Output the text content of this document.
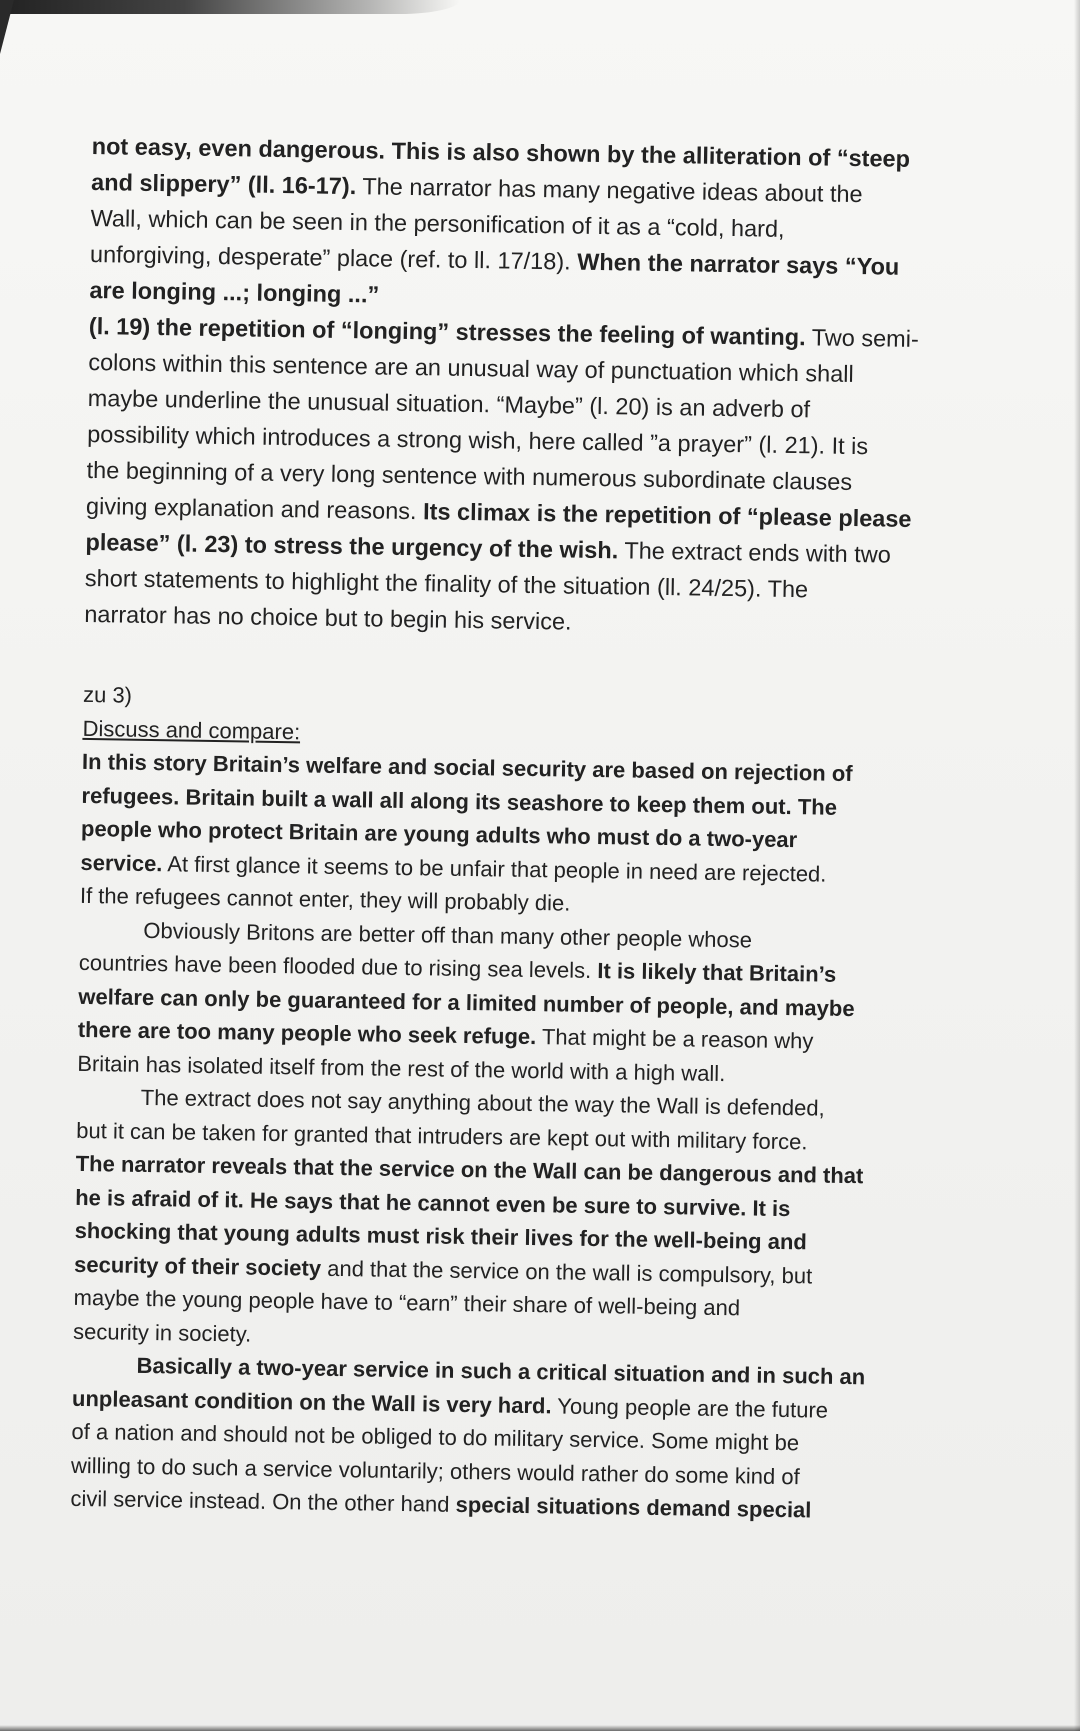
not easy, even dangerous. This is also shown by the alliteration of “steep
and slippery” (ll. 16-17). The narrator has many negative ideas about the
Wall, which can be seen in the personification of it as a “cold, hard,
unforgiving, desperate” place (ref. to ll. 17/18). When the narrator says “You
are longing ...; longing ...”
(l. 19) the repetition of “longing” stresses the feeling of wanting. Two semi-
colons within this sentence are an unusual way of punctuation which shall
maybe underline the unusual situation. “Maybe” (l. 20) is an adverb of
possibility which introduces a strong wish, here called ”a prayer” (l. 21). It is
the beginning of a very long sentence with numerous subordinate clauses
giving explanation and reasons. Its climax is the repetition of “please please
please” (l. 23) to stress the urgency of the wish. The extract ends with two
short statements to highlight the finality of the situation (ll. 24/25). The
narrator has no choice but to begin his service.

zu 3)

Discuss and compare:

In this story Britain’s welfare and social security are based on rejection of
refugees. Britain built a wall all along its seashore to keep them out. The
people who protect Britain are young adults who must do a two-year
service. At first glance it seems to be unfair that people in need are rejected.
If the refugees cannot enter, they will probably die.

Obviously Britons are better off than many other people whose
countries have been flooded due to rising sea levels. It is likely that Britain’s
welfare can only be guaranteed for a limited number of people, and maybe
there are too many people who seek refuge. That might be a reason why
Britain has isolated itself from the rest of the world with a high wall.

The extract does not say anything about the way the Wall is defended,
but it can be taken for granted that intruders are kept out with military force.
The narrator reveals that the service on the Wall can be dangerous and that
he is afraid of it. He says that he cannot even be sure to survive. It is
shocking that young adults must risk their lives for the well-being and
security of their society and that the service on the wall is compulsory, but
maybe the young people have to “earn” their share of well-being and
security in society.

Basically a two-year service in such a critical situation and in such an
unpleasant condition on the Wall is very hard. Young people are the future
of a nation and should not be obliged to do military service. Some might be
willing to do such a service voluntarily; others would rather do some kind of
civil service instead. On the other hand special situations demand special
